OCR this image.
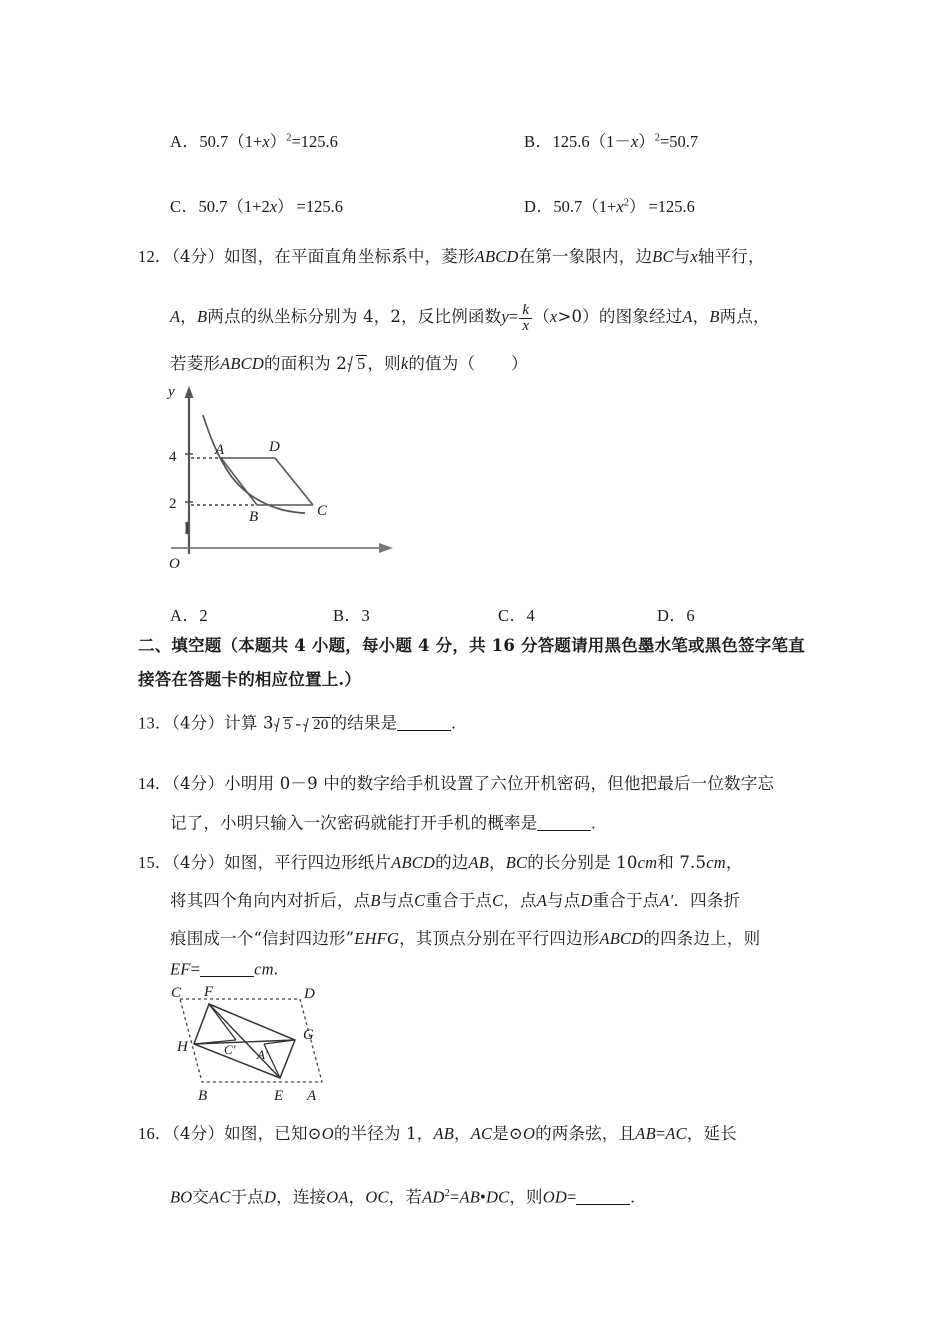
A．$50.7(1+x)^2=125.6$	B．$125.6(1-x)^2=50.7$
C．50.7（1+2x） =125.6	D．$50.7(1+x^2) =125.6$
12．（4分）如图，在平面直角坐标系中，菱形ABCD在第一象限内，边BC与x轴平行，
A，B两点的纵坐标分别为 4，2，反比例函数$y= \frac{k}{x} (x>0)$的图象经过A，B两点，
若菱形ABCD的面积为 2 5 ，则k的值为（ ）
y
O
4
2
A
B	C
D
A．2	B．3	C．4	D．6
二、填空题（本题共 4 小题，每小题 4 分，共 16 分答题请用黑色墨水笔或黑色签字笔直
接答在答题卡的相应位置上.）
13．（4分）计算 3 5 - 20 的结果是	.
14．（4分）小明用 0－9 中的数字给手机设置了六位开机密码，但他把最后一位数字忘
记了，小明只输入一次密码就能打开手机的概率是	.
15．（4分）如图，平行四边形纸片ABCD的边AB，BC的长分别是 10cm和 7.5cm，
将其四个角向内对折后，点B与点C重合于点C，点A与点D重合于点A′．四条折
痕围成一个“信封四边形”EHFG，其顶点分别在平行四边形ABCD的四条边上，则
EF=	cm.
C F	D
H	C' A'
G
B	E A
16．（4分）如图，已知⊙O的半径为 1，AB，AC是⊙O的两条弦，且AB=AC，延长
BO交AC于点D，连接OA，OC，若$AD^2=AB•DC$，则OD=	.
